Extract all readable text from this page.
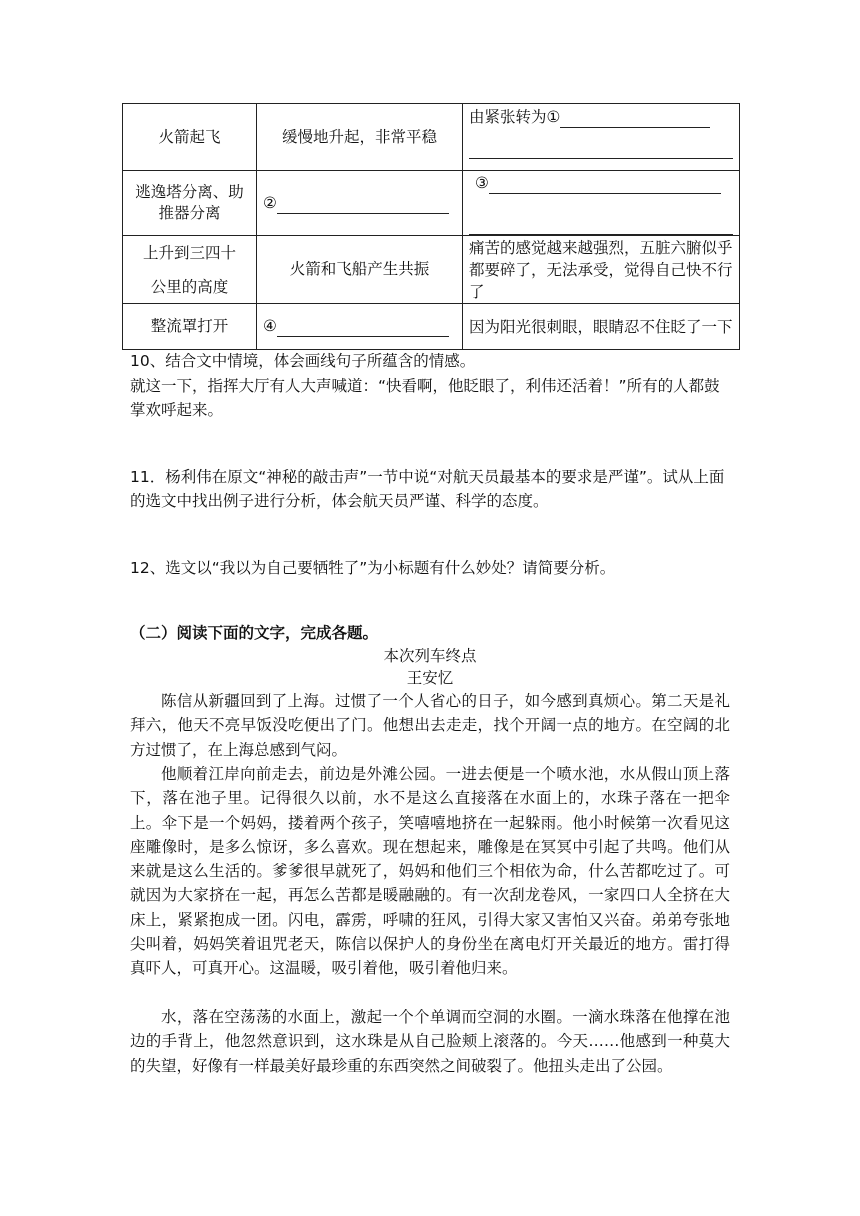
火箭起飞	缓慢地升起，非常平稳	由紧张转为①

逃逸塔分离、助推器分离	②	③

上升到三四十
公里的高度	火箭和飞船产生共振	痛苦的感觉越来越强烈，五脏六腑似乎都要碎了，无法承受，觉得自己快不行了
整流罩打开	④	因为阳光很刺眼，眼睛忍不住眨了一下

10、结合文中情境，体会画线句子所蕴含的情感。

就这一下，指挥大厅有人大声喊道：“快看啊，他眨眼了，利伟还活着！”所有的人都鼓掌欢呼起来。

11．杨利伟在原文“神秘的敲击声”一节中说“对航天员最基本的要求是严谨”。试从上面的选文中找出例子进行分析，体会航天员严谨、科学的态度。

12、选文以“我以为自己要牺牲了”为小标题有什么妙处？请简要分析。

（二）阅读下面的文字，完成各题。

本次列车终点

王安忆

陈信从新疆回到了上海。过惯了一个人省心的日子，如今感到真烦心。第二天是礼拜六，他天不亮早饭没吃便出了门。他想出去走走，找个开阔一点的地方。在空阔的北方过惯了，在上海总感到气闷。

他顺着江岸向前走去，前边是外滩公园。一进去便是一个喷水池，水从假山顶上落下，落在池子里。记得很久以前，水不是这么直接落在水面上的，水珠子落在一把伞上。伞下是一个妈妈，搂着两个孩子，笑嘻嘻地挤在一起躲雨。他小时候第一次看见这座雕像时，是多么惊讶，多么喜欢。现在想起来，雕像是在冥冥中引起了共鸣。他们从来就是这么生活的。爹爹很早就死了，妈妈和他们三个相依为命，什么苦都吃过了。可就因为大家挤在一起，再怎么苦都是暖融融的。有一次刮龙卷风，一家四口人全挤在大床上，紧紧抱成一团。闪电，霹雳，呼啸的狂风，引得大家又害怕又兴奋。弟弟夸张地尖叫着，妈妈笑着诅咒老天，陈信以保护人的身份坐在离电灯开关最近的地方。雷打得真吓人，可真开心。这温暖，吸引着他，吸引着他归来。

水，落在空荡荡的水面上，激起一个个单调而空洞的水圈。一滴水珠落在他撑在池边的手背上，他忽然意识到，这水珠是从自己脸颊上滚落的。今天……他感到一种莫大的失望，好像有一样最美好最珍重的东西突然之间破裂了。他扭头走出了公园。
